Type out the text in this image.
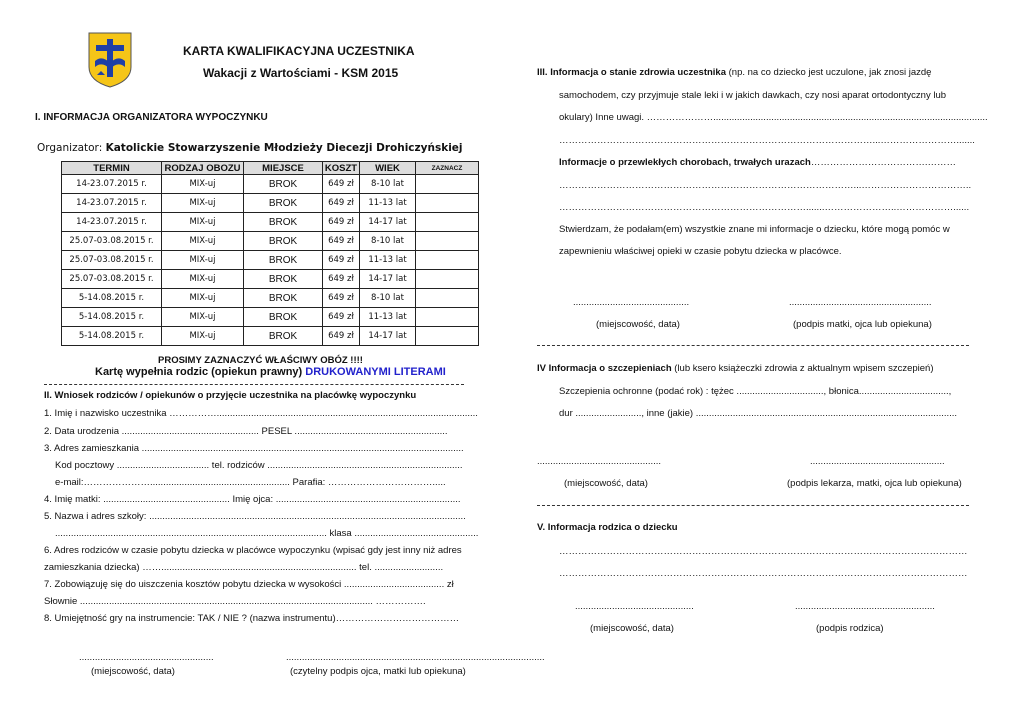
KARTA KWALIFIKACYJNA UCZESTNIKA
Wakacji z Wartościami - KSM 2015
I. INFORMACJA ORGANIZATORA WYPOCZYNKU
Organizator: Katolickie Stowarzyszenie Młodzieży Diecezji Drohiczyńskiej
TERMIN	RODZAJ OBOZU	MIEJSCE	KOSZT	WIEK	ZAZNACZ
14-23.07.2015 r.	MIX-uj	BROK	649 zł	8-10 lat	
14-23.07.2015 r.	MIX-uj	BROK	649 zł	11-13 lat	
14-23.07.2015 r.	MIX-uj	BROK	649 zł	14-17 lat	
25.07-03.08.2015 r.	MIX-uj	BROK	649 zł	8-10 lat	
25.07-03.08.2015 r.	MIX-uj	BROK	649 zł	11-13 lat	
25.07-03.08.2015 r.	MIX-uj	BROK	649 zł	14-17 lat	
5-14.08.2015 r.	MIX-uj	BROK	649 zł	8-10 lat	
5-14.08.2015 r.	MIX-uj	BROK	649 zł	11-13 lat	
5-14.08.2015 r.	MIX-uj	BROK	649 zł	14-17 lat	
PROSIMY ZAZNACZYĆ WŁAŚCIWY OBÓZ !!!!
Kartę wypełnia rodzic (opiekun prawny) DRUKOWANYMI LITERAMI
II. Wniosek rodziców / opiekunów o przyjęcie uczestnika na placówkę wypoczynku
1. Imię i nazwisko uczestnika ……………...................................................................................................
2. Data urodzenia .................................................... PESEL ..........................................................
3. Adres zamieszkania ..........................................................................................................................
Kod pocztowy ................................... tel. rodziców ..........................................................................
e-mail:…………………..................................................... Parafia: …………………………….....
4. Imię matki: ................................................ Imię ojca: ......................................................................
5. Nazwa i adres szkoły: ........................................................................................................................
....................................................................................................... klasa ...............................................
6. Adres rodziców w czasie pobytu dziecka w placówce wypoczynku (wpisać gdy jest inny niż adres
zamieszkania dziecka) …….......................................................................... tel. ..........................
7. Zobowiązuję się do uiszczenia kosztów pobytu dziecka w wysokości ...................................... zł
Słownie ............................................................................................................... …………….
8. Umiejętność gry na instrumencie: TAK / NIE ? (nazwa instrumentu)…………………………………
...................................................	..................................................................................................
(miejscowość, data)	(czytelny podpis ojca, matki lub opiekuna)
III. Informacja o stanie zdrowia uczestnika (np. na co dziecko jest uczulone, jak znosi jazdę
samochodem, czy przyjmuje stale leki i w jakich dawkach, czy nosi aparat ortodontyczny lub
okulary) Inne uwagi. …………………........................................................................................................
………………………………………………………………………………………...…………………….......
Informacje o przewlekłych chorobach, trwałych urazach……………………………….………
…………………………………………………………………………………...……………………………..
…………………………………………………………………….......…………………..………………......
Stwierdzam, że podałam(em) wszystkie znane mi informacje o dziecku, które mogą pomóc w
zapewnieniu właściwej opieki w czasie pobytu dziecka w placówce.
............................................	......................................................
(miejscowość, data)	(podpis matki, ojca lub opiekuna)
IV Informacja o szczepieniach (lub ksero książeczki zdrowia z aktualnym wpisem szczepień)
Szczepienia ochronne (podać rok) : tężec ................................., błonica..................................,
dur ........................., inne (jakie) ...................................................................................................
...............................................	...................................................
(miejscowość, data)	(podpis lekarza, matki, ojca lub opiekuna)
V. Informacja rodzica o dziecku
…………………………………………………………………………………………………………………
…………………………………………………………………………………………………………………
.............................................	.....................................................
(miejscowość, data)	(podpis rodzica)
